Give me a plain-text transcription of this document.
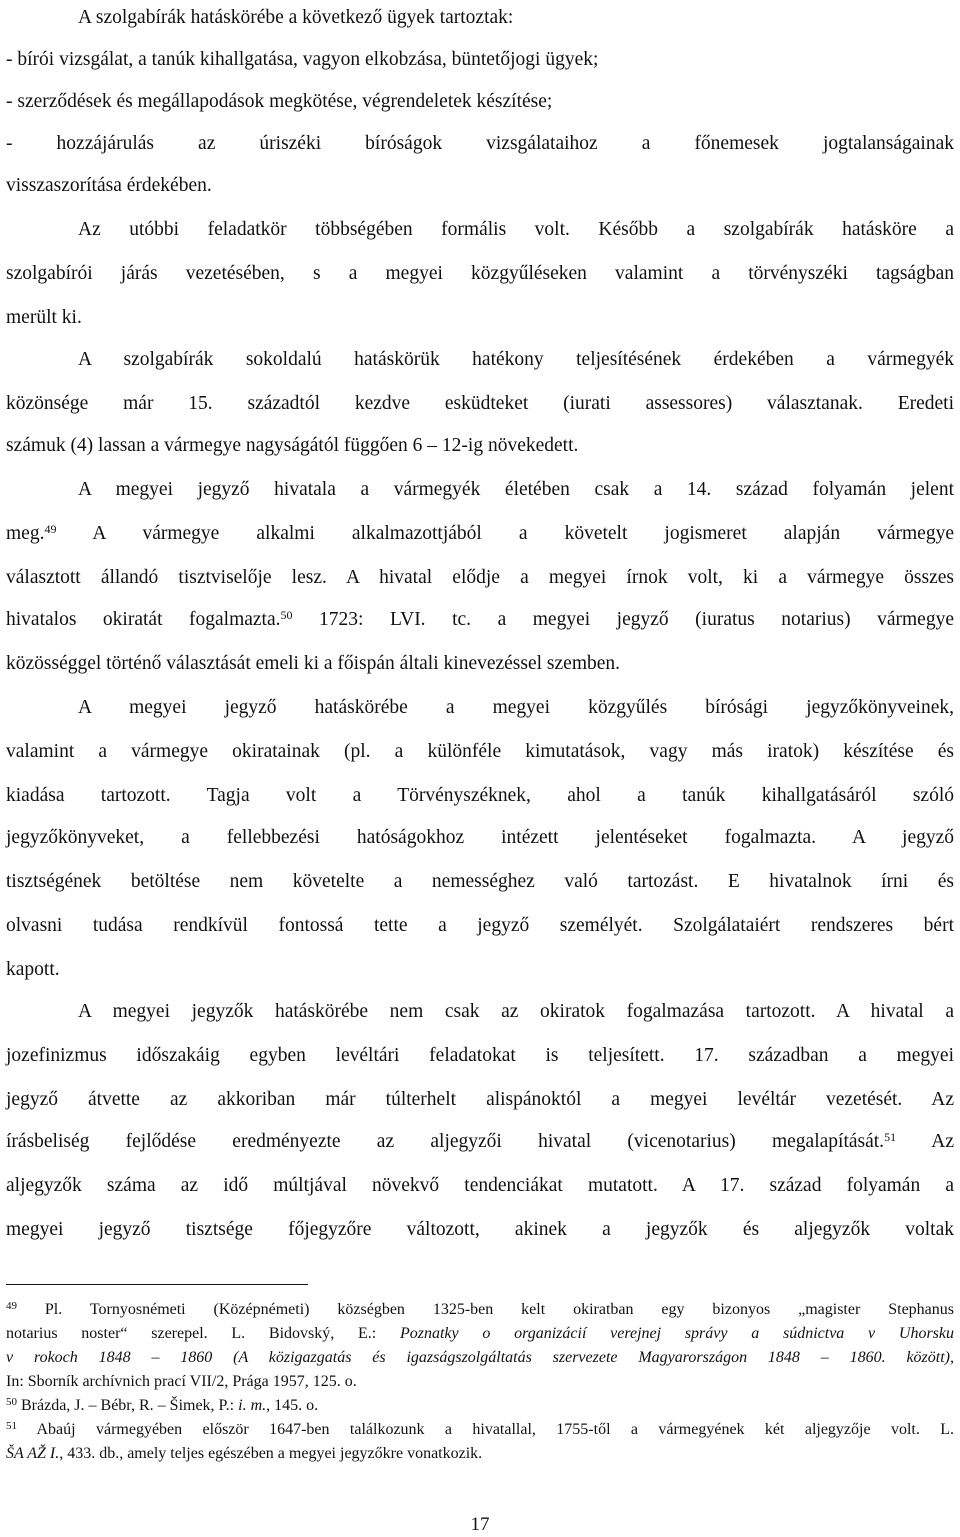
A szolgabírák hatáskörébe a következő ügyek tartoztak:
- bírói vizsgálat, a tanúk kihallgatása, vagyon elkobzása, büntetőjogi ügyek;
- szerződések és megállapodások megkötése, végrendeletek készítése;
- hozzájárulás az úriszéki bíróságok vizsgálataihoz a főnemesek jogtalanságainak
visszaszorítása érdekében.
Az utóbbi feladatkör többségében formális volt. Később a szolgabírák hatásköre a
szolgabírói járás vezetésében, s a megyei közgyűléseken valamint a törvényszéki tagságban
merült ki.
A szolgabírák sokoldalú hatáskörük hatékony teljesítésének érdekében a vármegyék
közönsége már 15. századtól kezdve esküdteket (iurati assessores) választanak. Eredeti
számuk (4) lassan a vármegye nagyságától függően 6 – 12-ig növekedett.
A megyei jegyző hivatala a vármegyék életében csak a 14. század folyamán jelent
meg.$^{49}$ A vármegye alkalmi alkalmazottjából a követelt jogismeret alapján vármegye
választott állandó tisztviselője lesz. A hivatal elődje a megyei írnok volt, ki a vármegye összes
hivatalos okiratát fogalmazta.$^{50}$ 1723: LVI. tc. a megyei jegyző (iuratus notarius) vármegye
közösséggel történő választását emeli ki a főispán általi kinevezéssel szemben.
A megyei jegyző hatáskörébe a megyei közgyűlés bírósági jegyzőkönyveinek,
valamint a vármegye okiratainak (pl. a különféle kimutatások, vagy más iratok) készítése és
kiadása tartozott. Tagja volt a Törvényszéknek, ahol a tanúk kihallgatásáról szóló
jegyzőkönyveket, a fellebbezési hatóságokhoz intézett jelentéseket fogalmazta. A jegyző
tisztségének betöltése nem követelte a nemességhez való tartozást. E hivatalnok írni és
olvasni tudása rendkívül fontossá tette a jegyző személyét. Szolgálataiért rendszeres bért
kapott.
A megyei jegyzők hatáskörébe nem csak az okiratok fogalmazása tartozott. A hivatal a
jozefinizmus időszakáig egyben levéltári feladatokat is teljesített. 17. században a megyei
jegyző átvette az akkoriban már túlterhelt alispánoktól a megyei levéltár vezetését. Az
írásbeliség fejlődése eredményezte az aljegyzői hivatal (vicenotarius) megalapítását.$^{51}$ Az
aljegyzők száma az idő múltjával növekvő tendenciákat mutatott. A 17. század folyamán a
megyei jegyző tisztsége főjegyzőre változott, akinek a jegyzők és aljegyzők voltak
$^{49}$ Pl. Tornyosnémeti (Középnémeti) községben 1325-ben kelt okiratban egy bizonyos „magister Stephanus
notarius noster“ szerepel. L. Bidovský, E.: Poznatky o organizácií verejnej správy a súdnictva v Uhorsku
v rokoch 1848 – 1860 (A közigazgatás és igazságszolgáltatás szervezete Magyarországon 1848 – 1860. között),
In: Sborník archívnich prací VII/2, Prága 1957, 125. o.
$^{50}$ Brázda, J. – Bébr, R. – Šimek, P.: i. m., 145. o.
$^{51}$ Abaúj vármegyében először 1647-ben találkozunk a hivatallal, 1755-től a vármegyének két aljegyzője volt. L.
ŠA AŽ I., 433. db., amely teljes egészében a megyei jegyzőkre vonatkozik.
17
